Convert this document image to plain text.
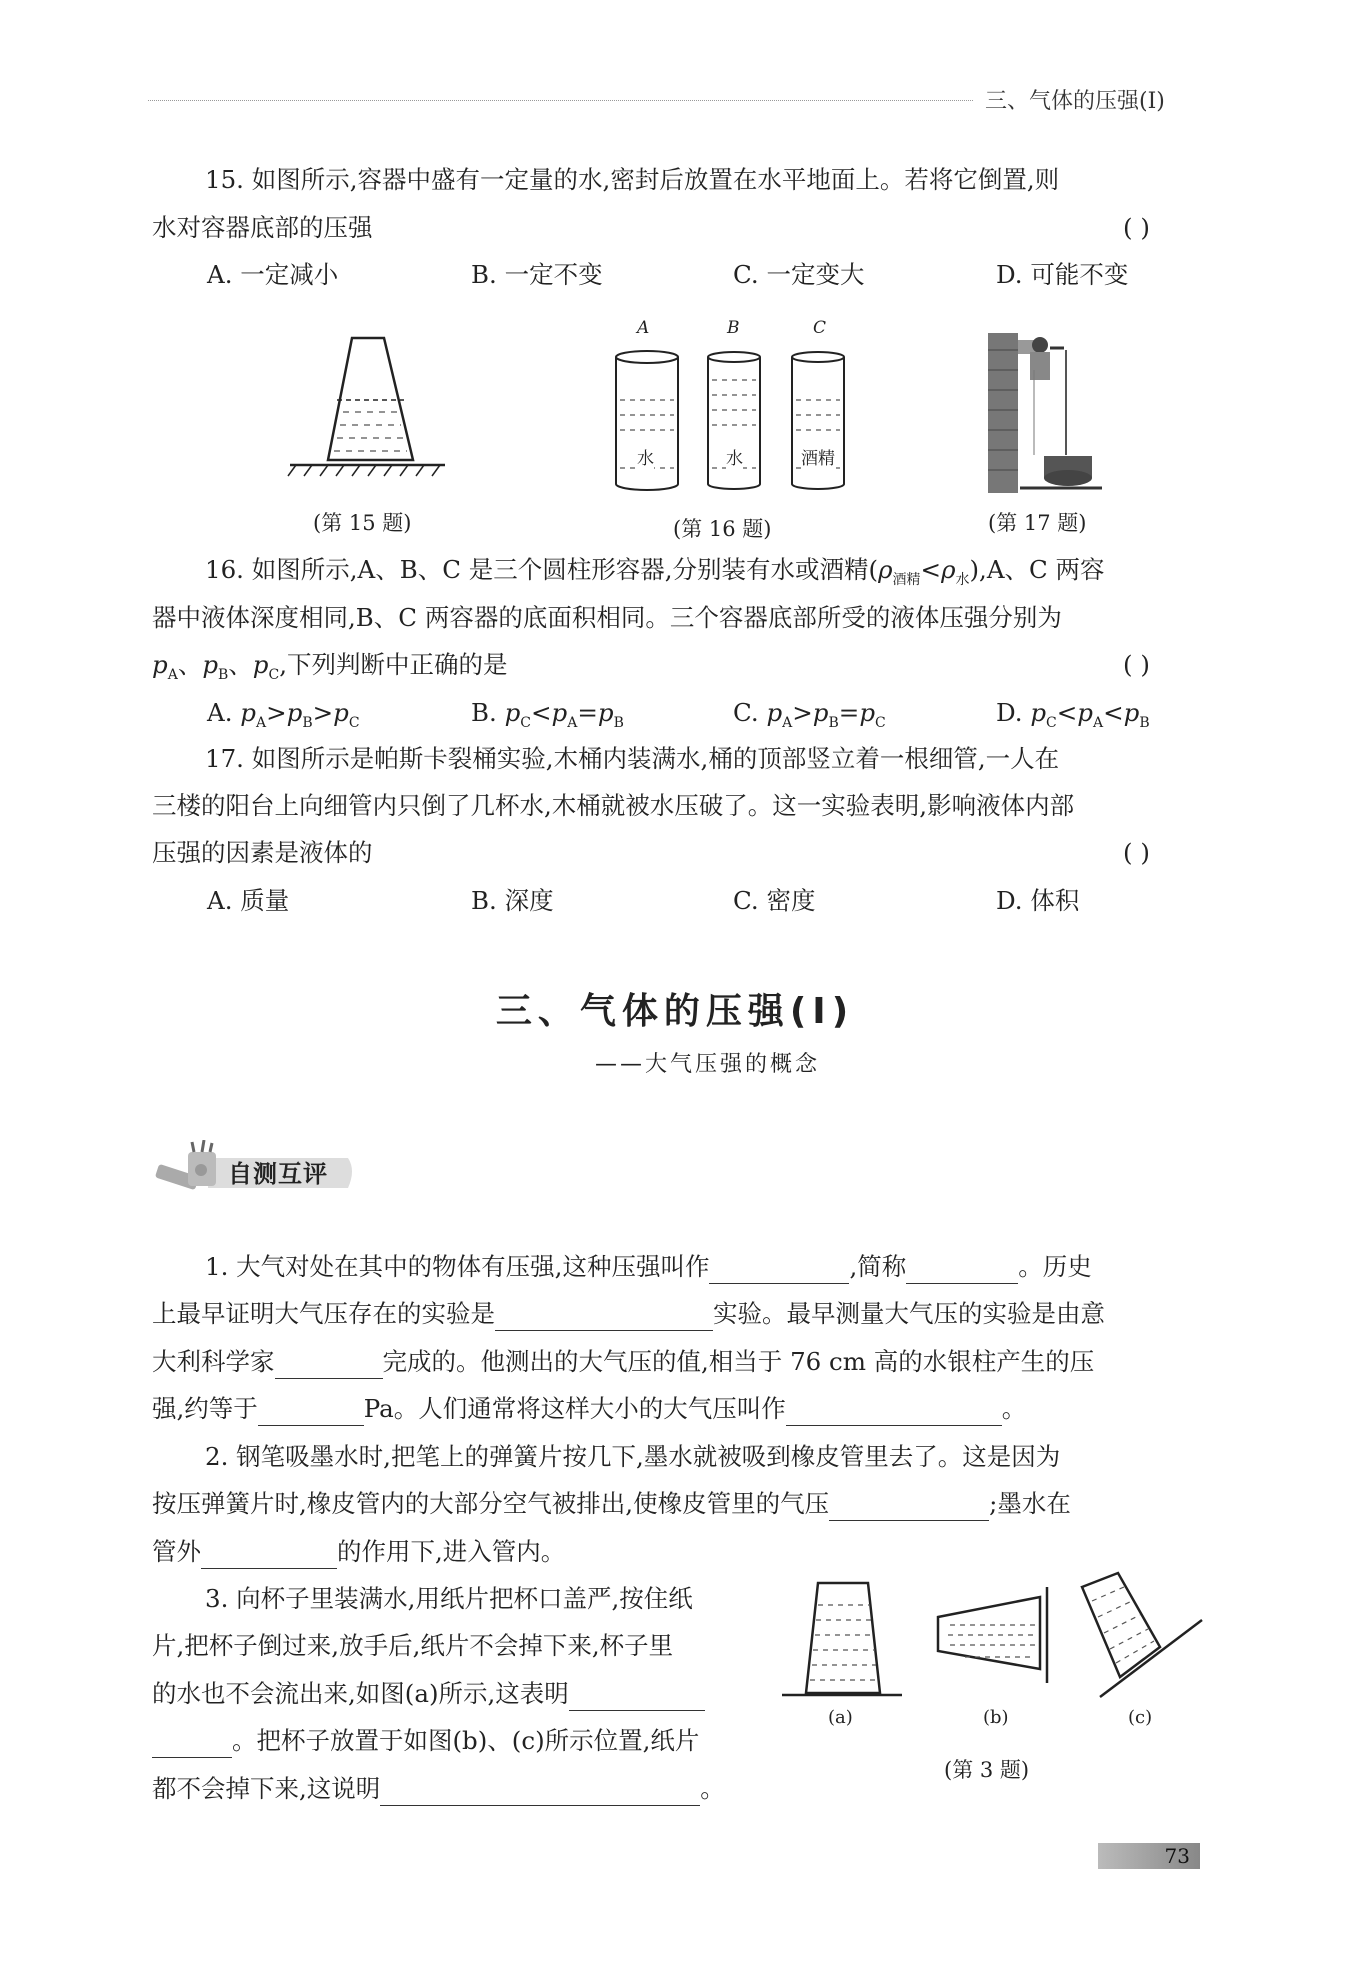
三、气体的压强(Ⅰ)
15. 如图所示,容器中盛有一定量的水,密封后放置在水平地面上。若将它倒置,则
水对容器底部的压强	( )
A. 一定减小	B. 一定不变	C. 一定变大	D. 可能不变
A	B	C
水	水	酒精
(第 15 题)	(第 16 题)	(第 17 题)
16. 如图所示,A、B、C 是三个圆柱形容器,分别装有水或酒精$(\rho_{酒精}<\rho_水),A$、C 两容
器中液体深度相同,B、C 两容器的底面积相同。三个容器底部所受的液体压强分别为
$p_A$、$p_B$、$p_C$,下列判断中正确的是	( )
A. $p_A>p_B>p_C$	B. $p_C<p_A=p_B$	C. $p_A>p_B=p_C$	D. $p_C<p_A<p_B$
17. 如图所示是帕斯卡裂桶实验,木桶内装满水,桶的顶部竖立着一根细管,一人在
三楼的阳台上向细管内只倒了几杯水,木桶就被水压破了。这一实验表明,影响液体内部
压强的因素是液体的	( )
A. 质量	B. 深度	C. 密度	D. 体积
三、气体的压强(Ⅰ)
——大气压强的概念
自测互评
1. 大气对处在其中的物体有压强,这种压强叫作	,简称	。历史
上最早证明大气压存在的实验是	实验。最早测量大气压的实验是由意
大利科学家	完成的。他测出的大气压的值,相当于 76 cm 高的水银柱产生的压
强,约等于	Pa。人们通常将这样大小的大气压叫作	。
2. 钢笔吸墨水时,把笔上的弹簧片按几下,墨水就被吸到橡皮管里去了。这是因为
按压弹簧片时,橡皮管内的大部分空气被排出,使橡皮管里的气压	;墨水在
管外	的作用下,进入管内。
3. 向杯子里装满水,用纸片把杯口盖严,按住纸
片,把杯子倒过来,放手后,纸片不会掉下来,杯子里
的水也不会流出来,如图(a)所示,这表明
。把杯子放置于如图(b)、(c)所示位置,纸片
都不会掉下来,这说明	。
(a)	(b)	(c)
(第 3 题)
73
